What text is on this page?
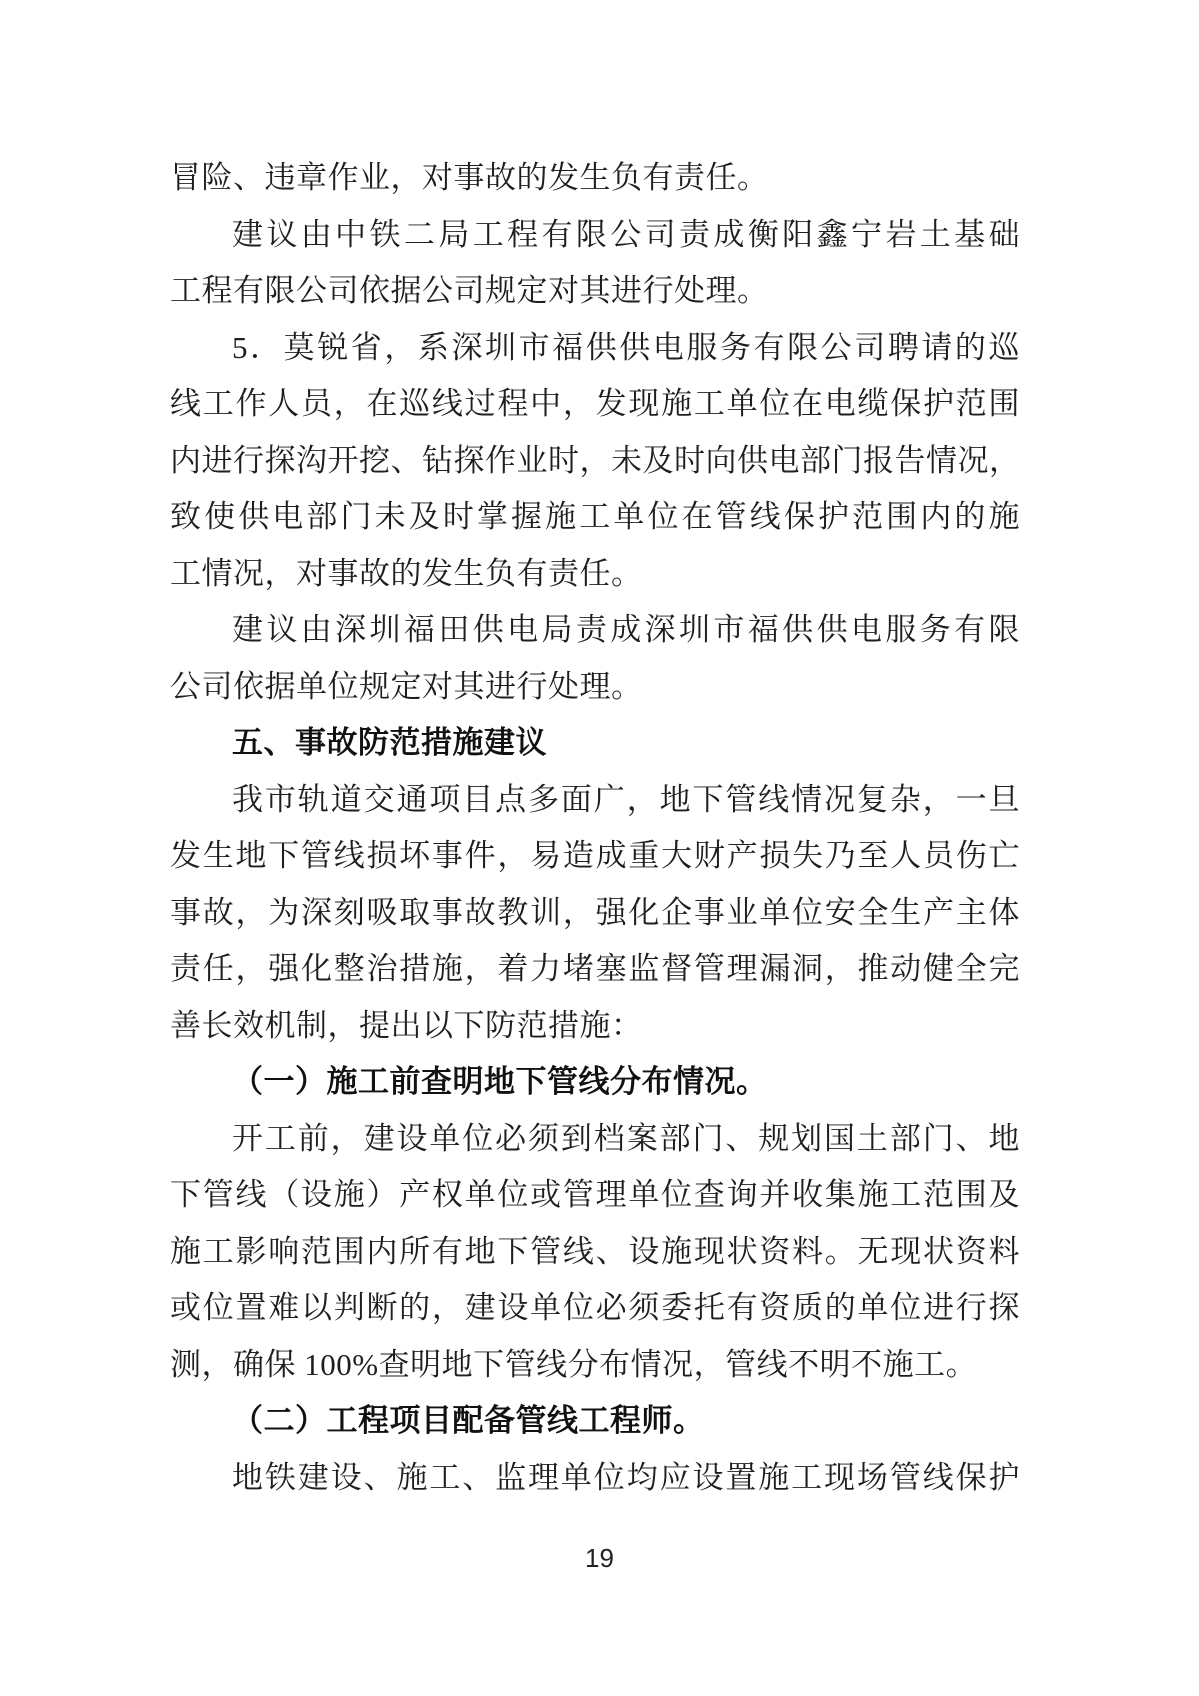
冒险、违章作业，对事故的发生负有责任。
建议由中铁二局工程有限公司责成衡阳鑫宁岩土基础
工程有限公司依据公司规定对其进行处理。
5．莫锐省，系深圳市福供供电服务有限公司聘请的巡
线工作人员，在巡线过程中，发现施工单位在电缆保护范围
内进行探沟开挖、钻探作业时，未及时向供电部门报告情况，
致使供电部门未及时掌握施工单位在管线保护范围内的施
工情况，对事故的发生负有责任。
建议由深圳福田供电局责成深圳市福供供电服务有限
公司依据单位规定对其进行处理。
五、事故防范措施建议
我市轨道交通项目点多面广，地下管线情况复杂，一旦
发生地下管线损坏事件，易造成重大财产损失乃至人员伤亡
事故，为深刻吸取事故教训，强化企事业单位安全生产主体
责任，强化整治措施，着力堵塞监督管理漏洞，推动健全完
善长效机制，提出以下防范措施：
（一）施工前查明地下管线分布情况。
开工前，建设单位必须到档案部门、规划国土部门、地
下管线（设施）产权单位或管理单位查询并收集施工范围及
施工影响范围内所有地下管线、设施现状资料。无现状资料
或位置难以判断的，建设单位必须委托有资质的单位进行探
测，确保 100%查明地下管线分布情况，管线不明不施工。
（二）工程项目配备管线工程师。
地铁建设、施工、监理单位均应设置施工现场管线保护
19
